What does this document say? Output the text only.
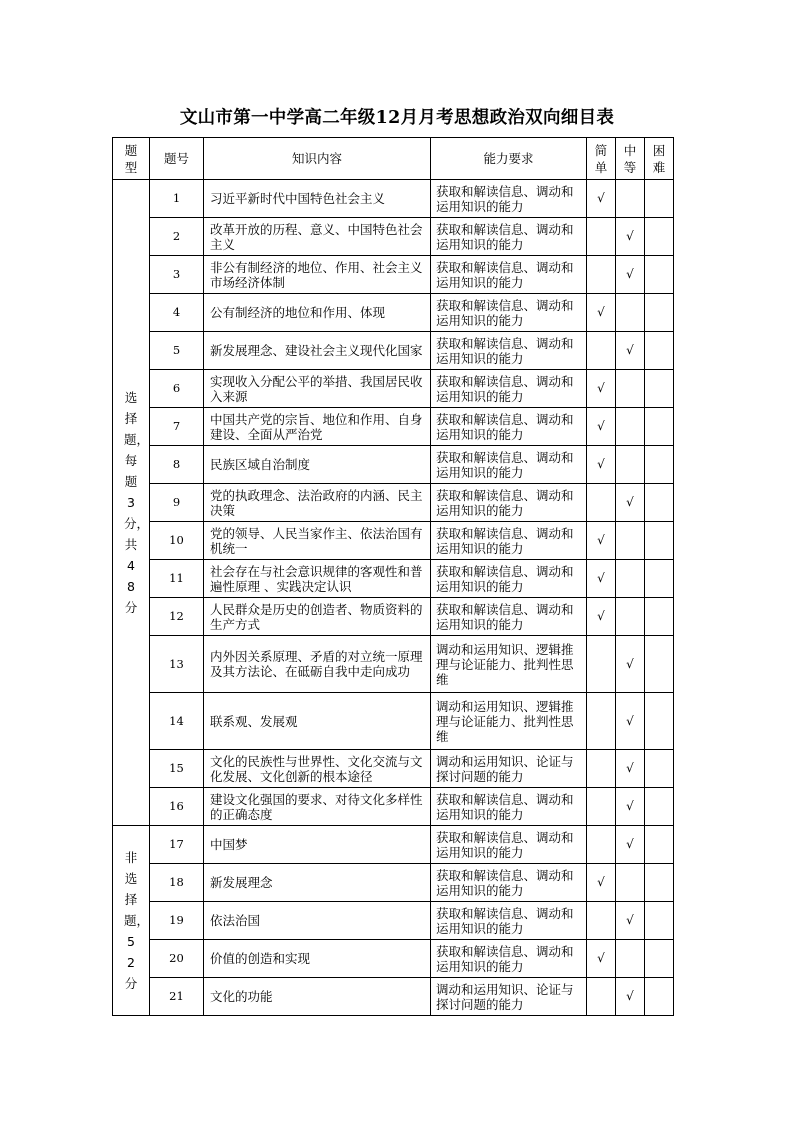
文山市第一中学高二年级12月月考思想政治双向细目表
题型	题号	知识内容	能力要求	简单	中等	困难
选择题，每题3分，共48分	1	习近平新时代中国特色社会主义	获取和解读信息、调动和运用知识的能力	√		
	2	改革开放的历程、意义、中国特色社会主义	获取和解读信息、调动和运用知识的能力		√	
	3	非公有制经济的地位、作用、社会主义市场经济体制	获取和解读信息、调动和运用知识的能力		√	
	4	公有制经济的地位和作用、体现	获取和解读信息、调动和运用知识的能力	√		
	5	新发展理念、建设社会主义现代化国家	获取和解读信息、调动和运用知识的能力		√	
	6	实现收入分配公平的举措、我国居民收入来源	获取和解读信息、调动和运用知识的能力	√		
	7	中国共产党的宗旨、地位和作用、自身建设、全面从严治党	获取和解读信息、调动和运用知识的能力	√		
	8	民族区域自治制度	获取和解读信息、调动和运用知识的能力	√		
	9	党的执政理念、法治政府的内涵、民主决策	获取和解读信息、调动和运用知识的能力		√	
	10	党的领导、人民当家作主、依法治国有机统一	获取和解读信息、调动和运用知识的能力	√		
	11	社会存在与社会意识规律的客观性和普遍性原理 、实践决定认识	获取和解读信息、调动和运用知识的能力	√		
	12	人民群众是历史的创造者、物质资料的生产方式	获取和解读信息、调动和运用知识的能力	√		
	13	内外因关系原理、矛盾的对立统一原理及其方法论、在砥砺自我中走向成功	调动和运用知识、逻辑推理与论证能力、批判性思维		√	
	14	联系观、发展观	调动和运用知识、逻辑推理与论证能力、批判性思维		√	
	15	文化的民族性与世界性、文化交流与文化发展、文化创新的根本途径	调动和运用知识、论证与探讨问题的能力		√	
	16	建设文化强国的要求、对待文化多样性的正确态度	获取和解读信息、调动和运用知识的能力		√	
非选择题，52分	17	中国梦	获取和解读信息、调动和运用知识的能力		√	
	18	新发展理念	获取和解读信息、调动和运用知识的能力	√		
	19	依法治国	获取和解读信息、调动和运用知识的能力		√	
	20	价值的创造和实现	获取和解读信息、调动和运用知识的能力	√		
	21	文化的功能	调动和运用知识、论证与探讨问题的能力		√	
